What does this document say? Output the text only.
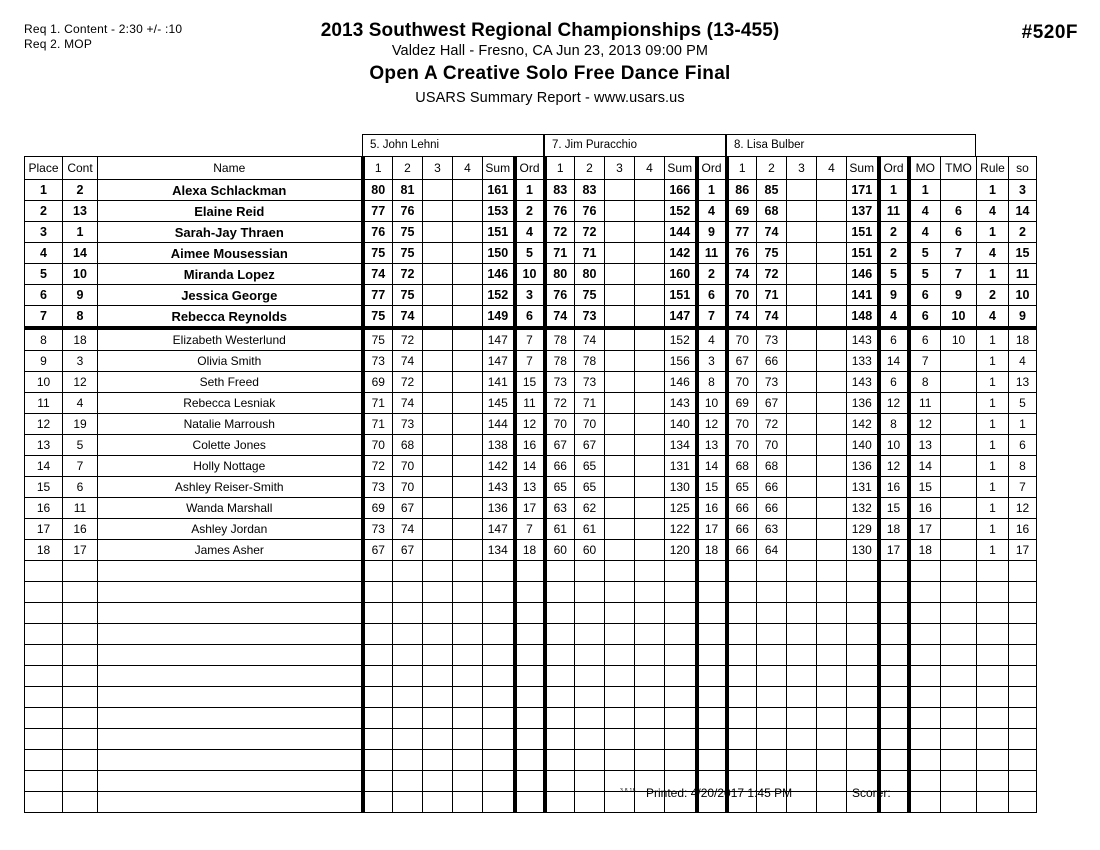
Req 1. Content - 2:30 +/- :10
Req 2. MOP
#520F
2013 Southwest Regional Championships (13-455)
Valdez Hall - Fresno, CA Jun 23, 2013 09:00 PM
Open A Creative Solo Free Dance Final
USARS Summary Report - www.usars.us
5. John Lehni	7. Jim Puracchio	8. Lisa Bulber
Place	Cont	Name	1	2	3	4	Sum	Ord	1	2	3	4	Sum	Ord	1	2	3	4	Sum	Ord	MO	TMO	Rule	so
1	2	Alexa Schlackman	80	81			161	1	83	83			166	1	86	85			171	1	1		1	3
2	13	Elaine Reid	77	76			153	2	76	76			152	4	69	68			137	11	4	6	4	14
3	1	Sarah-Jay Thraen	76	75			151	4	72	72			144	9	77	74			151	2	4	6	1	2
4	14	Aimee Mousessian	75	75			150	5	71	71			142	11	76	75			151	2	5	7	4	15
5	10	Miranda Lopez	74	72			146	10	80	80			160	2	74	72			146	5	5	7	1	11
6	9	Jessica George	77	75			152	3	76	75			151	6	70	71			141	9	6	9	2	10
7	8	Rebecca Reynolds	75	74			149	6	74	73			147	7	74	74			148	4	6	10	4	9
8	18	Elizabeth Westerlund	75	72			147	7	78	74			152	4	70	73			143	6	6	10	1	18
9	3	Olivia Smith	73	74			147	7	78	78			156	3	67	66			133	14	7		1	4
10	12	Seth Freed	69	72			141	15	73	73			146	8	70	73			143	6	8		1	13
11	4	Rebecca Lesniak	71	74			145	11	72	71			143	10	69	67			136	12	11		1	5
12	19	Natalie Marroush	71	73			144	12	70	70			140	12	70	72			142	8	12		1	1
13	5	Colette Jones	70	68			138	16	67	67			134	13	70	70			140	10	13		1	6
14	7	Holly Nottage	72	70			142	14	66	65			131	14	68	68			136	12	14		1	8
15	6	Ashley Reiser-Smith	73	70			143	13	65	65			130	15	65	66			131	16	15		1	7
16	11	Wanda Marshall	69	67			136	17	63	62			125	16	66	66			132	15	16		1	12
17	16	Ashley Jordan	73	74			147	7	61	61			122	17	66	63			129	18	17		1	16
18	17	James Asher	67	67			134	18	60	60			120	18	66	64			130	17	18		1	17

3.8.18 Printed: 4/20/2017 1:45 PM	Scorer:
